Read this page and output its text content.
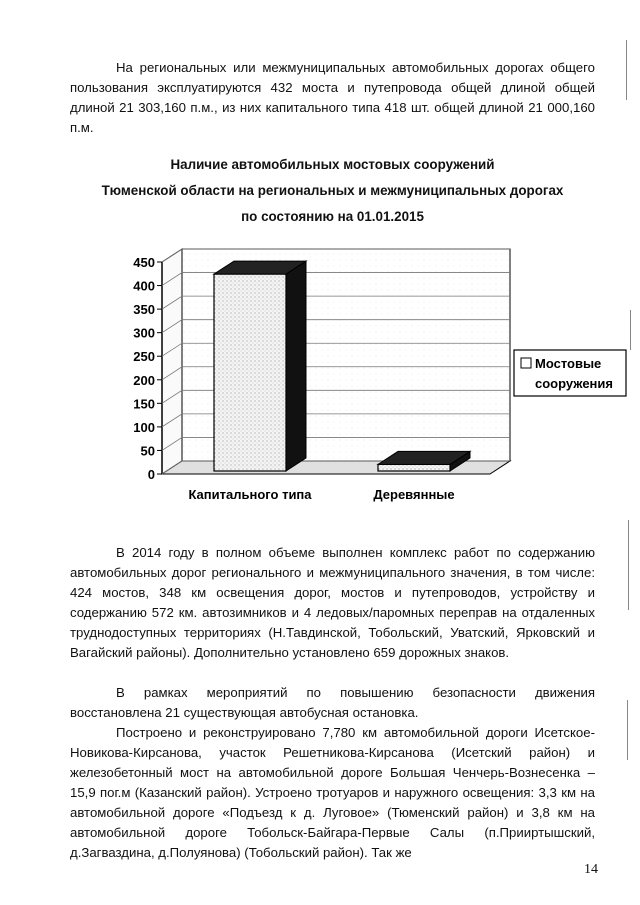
На региональных или межмуниципальных автомобильных дорогах общего пользования эксплуатируются 432 моста и путепровода общей длиной общей длиной 21 303,160 п.м., из них капитального типа 418 шт. общей длиной 21 000,160 п.м.

Наличие автомобильных мостовых сооружений
Тюменской области на региональных и межмуниципальных дорогах
по состоянию на 01.01.2015
0
50
100
150
200
250
300
350
400
450
Капитального типа	Деревянные
Мостовые
сооружения

В 2014 году в полном объеме выполнен комплекс работ по содержанию автомобильных дорог регионального и межмуниципального значения, в том числе: 424 мостов, 348 км освещения дорог, мостов и путепроводов, устройству и содержанию 572 км. автозимников и 4 ледовых/паромных переправ на отдаленных труднодоступных территориях (Н.Тавдинской, Тобольский, Уватский, Ярковский и Вагайский районы). Дополнительно установлено 659 дорожных знаков.

В рамках мероприятий по повышению безопасности движения восстановлена 21 существующая автобусная остановка.

Построено и реконструировано 7,780 км автомобильной дороги Исетское-Новикова-Кирсанова, участок Решетникова-Кирсанова (Исетский район) и железобетонный мост на автомобильной дороге Большая Ченчерь-Вознесенка – 15,9 пог.м (Казанский район). Устроено тротуаров и наружного освещения: 3,3 км на автомобильной дороге «Подъезд к д. Луговое» (Тюменский район) и 3,8 км на автомобильной дороге Тобольск-Байгара-Первые Салы (п.Прииртышский, д.Загваздина, д.Полуянова) (Тобольский район). Так же

14
